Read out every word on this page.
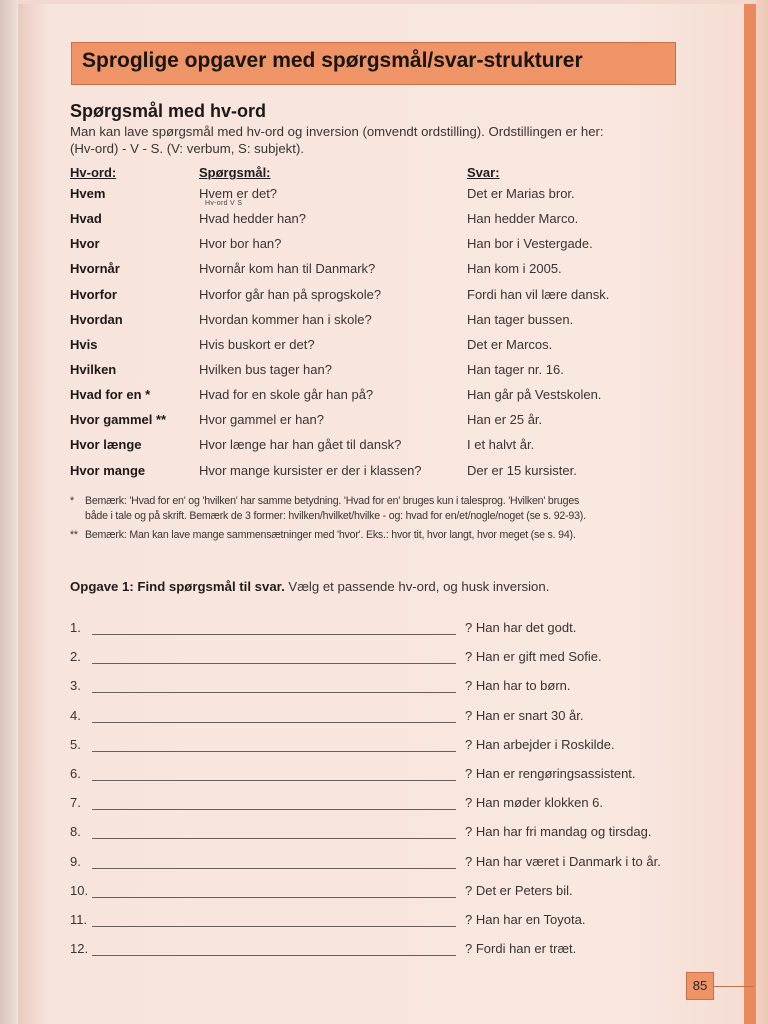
Sproglige opgaver med spørgsmål/svar-strukturer
Spørgsmål med hv-ord
Man kan lave spørgsmål med hv-ord og inversion (omvendt ordstilling). Ordstillingen er her:
(Hv-ord) - V - S. (V: verbum, S: subjekt).
Hv-ord:	Spørgsmål:	Svar:
Hvem	Hvem er det?	Det er Marias bror.
Hvad	Hvad hedder han?	Han hedder Marco.
Hvor	Hvor bor han?	Han bor i Vestergade.
Hvornår	Hvornår kom han til Danmark?	Han kom i 2005.
Hvorfor	Hvorfor går han på sprogskole?	Fordi han vil lære dansk.
Hvordan	Hvordan kommer han i skole?	Han tager bussen.
Hvis	Hvis buskort er det?	Det er Marcos.
Hvilken	Hvilken bus tager han?	Han tager nr. 16.
Hvad for en *	Hvad for en skole går han på?	Han går på Vestskolen.
Hvor gammel **	Hvor gammel er han?	Han er 25 år.
Hvor længe	Hvor længe har han gået til dansk?	I et halvt år.
Hvor mange	Hvor mange kursister er der i klassen?	Der er 15 kursister.
Hv-ord V S
* Bemærk: 'Hvad for en' og 'hvilken' har samme betydning. 'Hvad for en' bruges kun i talesprog. 'Hvilken' bruges
både i tale og på skrift. Bemærk de 3 former: hvilken/hvilket/hvilke - og: hvad for en/et/nogle/noget (se s. 92-93).
** Bemærk: Man kan lave mange sammensætninger med 'hvor'. Eks.: hvor tit, hvor langt, hvor meget (se s. 94).
Opgave 1: Find spørgsmål til svar. Vælg et passende hv-ord, og husk inversion.
1.	? Han har det godt.
2.	? Han er gift med Sofie.
3.	? Han har to børn.
4.	? Han er snart 30 år.
5.	? Han arbejder i Roskilde.
6.	? Han er rengøringsassistent.
7.	? Han møder klokken 6.
8.	? Han har fri mandag og tirsdag.
9.	? Han har været i Danmark i to år.
10.	? Det er Peters bil.
11.	? Han har en Toyota.
12.	? Fordi han er træt.
85
